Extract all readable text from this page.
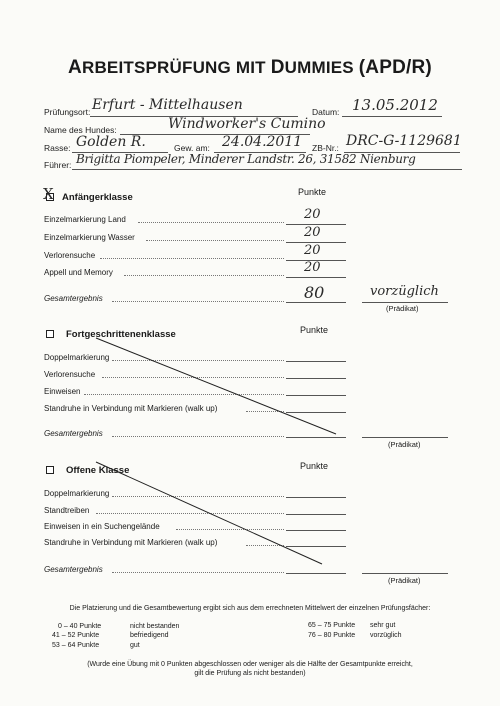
ARBEITSPRÜFUNG MIT DUMMIES (APD/R)
Prüfungsort: Erfurt - Mittelhausen	Datum: 13.05.2012
Name des Hundes:	Windworker's Cumino
Rasse: Golden R.	Gew. am: 24.04.2011 ZB-Nr.: DRC-G-1129681
Führer: Brigitta Piompeler, Minderer Landstr. 26, 31582 Nienburg
X Anfängerklasse	Punkte
Einzelmarkierung Land	20
Einzelmarkierung Wasser	20
Verlorensuche	20
Appell und Memory	20
Gesamtergebnis	80	vorzüglich
(Prädikat)
Fortgeschrittenenklasse	Punkte
Doppelmarkierung
Verlorensuche
Einweisen
Standruhe in Verbindung mit Markieren (walk up)
Gesamtergebnis
(Prädikat)
Offene Klasse	Punkte
Doppelmarkierung
Standtreiben
Einweisen in ein Suchengelände
Standruhe in Verbindung mit Markieren (walk up)
Gesamtergebnis
(Prädikat)
Die Platzierung und die Gesamtbewertung ergibt sich aus dem errechneten Mittelwert der einzelnen Prüfungsfächer:
0 – 40 Punkte	nicht bestanden
41 – 52 Punkte	befriedigend
53 – 64 Punkte	gut
65 – 75 Punkte sehr gut
76 – 80 Punkte vorzüglich
(Wurde eine Übung mit 0 Punkten abgeschlossen oder weniger als die Hälfte der Gesamtpunkte erreicht,
gilt die Prüfung als nicht bestanden)
